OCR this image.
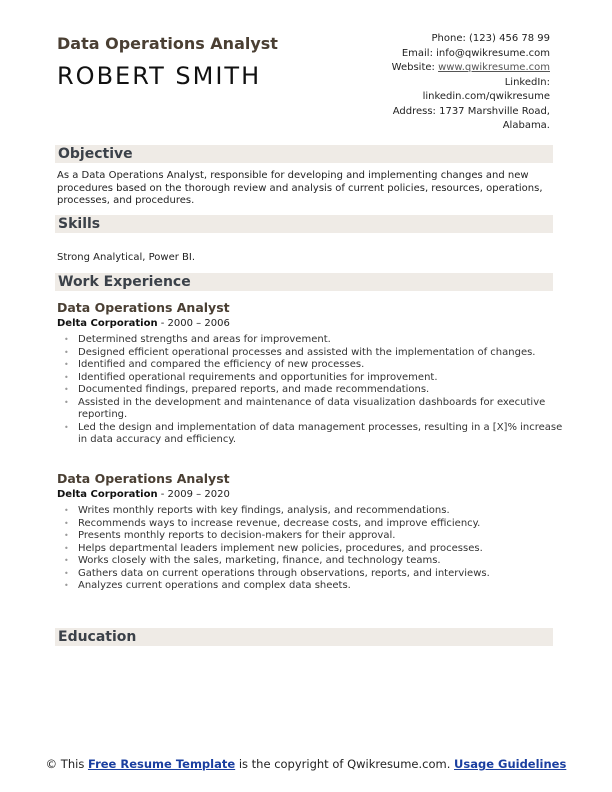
Data Operations Analyst
ROBERT SMITH
Phone: (123) 456 78 99
Email: info@qwikresume.com
Website: www.qwikresume.com
LinkedIn:
linkedin.com/qwikresume
Address: 1737 Marshville Road,
Alabama.
Objective
As a Data Operations Analyst, responsible for developing and implementing changes and new procedures based on the thorough review and analysis of current policies, resources, operations, processes, and procedures.
Skills
Strong Analytical, Power BI.
Work Experience
Data Operations Analyst
Delta Corporation - 2000 – 2006
• Determined strengths and areas for improvement.
• Designed efficient operational processes and assisted with the implementation of changes.
• Identified and compared the efficiency of new processes.
• Identified operational requirements and opportunities for improvement.
• Documented findings, prepared reports, and made recommendations.
• Assisted in the development and maintenance of data visualization dashboards for executive reporting.
• Led the design and implementation of data management processes, resulting in a [X]% increase in data accuracy and efficiency.
Data Operations Analyst
Delta Corporation - 2009 – 2020
• Writes monthly reports with key findings, analysis, and recommendations.
• Recommends ways to increase revenue, decrease costs, and improve efficiency.
• Presents monthly reports to decision-makers for their approval.
• Helps departmental leaders implement new policies, procedures, and processes.
• Works closely with the sales, marketing, finance, and technology teams.
• Gathers data on current operations through observations, reports, and interviews.
• Analyzes current operations and complex data sheets.
Education
© This Free Resume Template is the copyright of Qwikresume.com. Usage Guidelines
